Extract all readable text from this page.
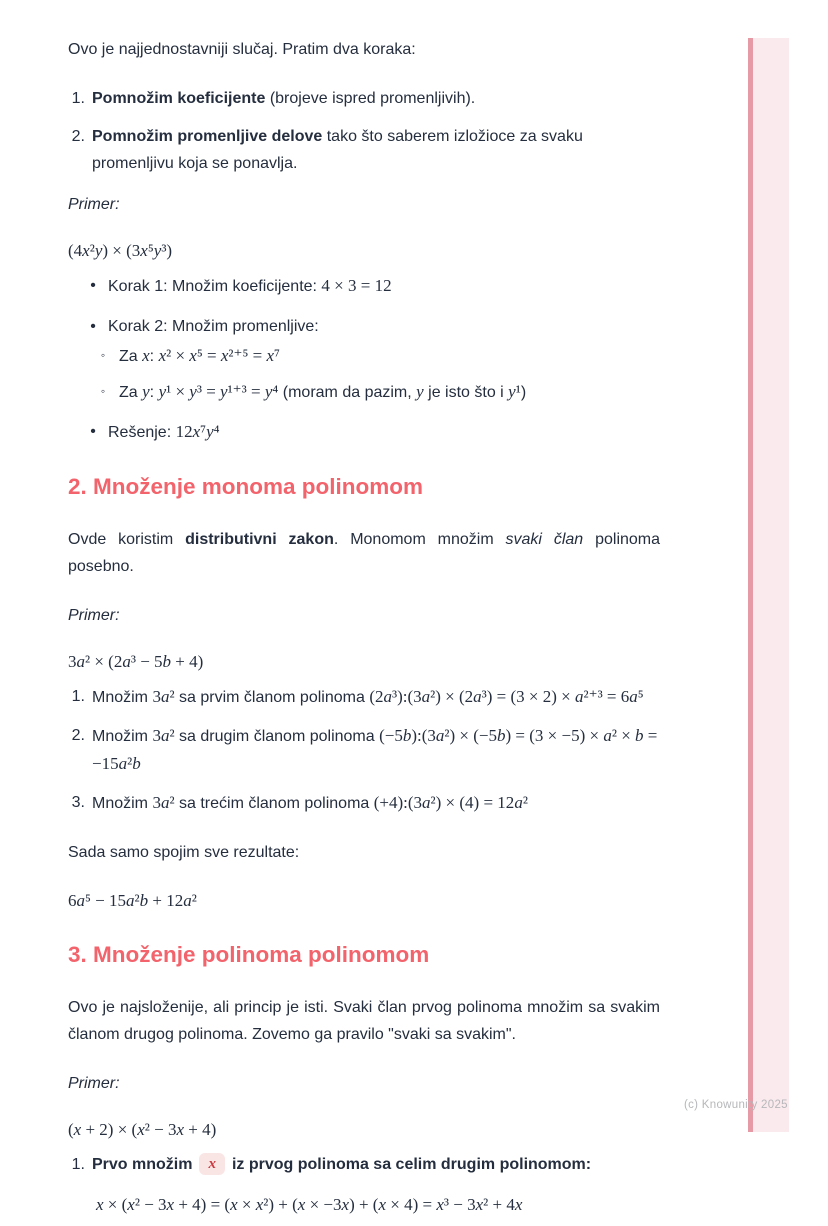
Ovo je najjednostavniji slučaj. Pratim dva koraka:

1. Pomnožim koeficijente (brojeve ispred promenljivih).
2. Pomnožim promenljive delove tako što saberem izložioce za svaku promenljivu koja se ponavlja.

Primer:

(4x²y) × (3x⁵y³)
• Korak 1: Množim koeficijente: 4 × 3 = 12
• Korak 2: Množim promenljive:
◦ Za x: x² × x⁵ = x²⁺⁵ = x⁷
◦ Za y: y¹ × y³ = y¹⁺³ = y⁴ (moram da pazim, y je isto što i y¹)
• Rešenje: 12x⁷y⁴
2. Množenje monoma polinomom

Ovde koristim distributivni zakon. Monomom množim svaki član polinoma posebno.

Primer:

3a² × (2a³ − 5b + 4)
1. Množim 3a² sa prvim članom polinoma (2a³):(3a²) × (2a³) = (3 × 2) × a²⁺³ = 6a⁵
2. Množim 3a² sa drugim članom polinoma (−5b):(3a²) × (−5b) = (3 × −5) × a² × b = −15a²b
3. Množim 3a² sa trećim članom polinoma (+4):(3a²) × (4) = 12a²

Sada samo spojim sve rezultate:

6a⁵ − 15a²b + 12a²
3. Množenje polinoma polinomom

Ovo je najsloženije, ali princip je isti. Svaki član prvog polinoma množim sa svakim članom drugog polinoma. Zovemo ga pravilo "svaki sa svakim".

Primer:

(x + 2) × (x² − 3x + 4)
1. Prvo množim x iz prvog polinoma sa celim drugim polinomom:
x × (x² − 3x + 4) = (x × x²) + (x × −3x) + (x × 4) = x³ − 3x² + 4x
(c) Knowunity 2025
